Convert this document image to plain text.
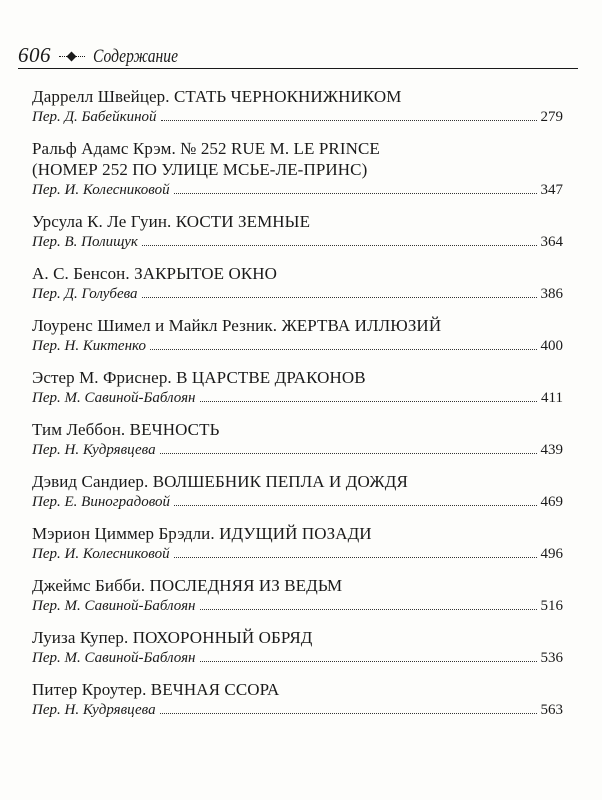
606 Содержание
Даррелл Швейцер. СТАТЬ ЧЕРНОКНИЖНИКОМ
Пер. Д. Бабейкиной	279
Ральф Адамс Крэм. № 252 RUE M. LE PRINCE
(НОМЕР 252 ПО УЛИЦЕ МСЬЕ-ЛЕ-ПРИНС)
Пер. И. Колесниковой	347
Урсула К. Ле Гуин. КОСТИ ЗЕМНЫЕ
Пер. В. Полищук	364
А. С. Бенсон. ЗАКРЫТОЕ ОКНО
Пер. Д. Голубева	386
Лоуренс Шимел и Майкл Резник. ЖЕРТВА ИЛЛЮЗИЙ
Пер. Н. Киктенко	400
Эстер М. Фриснер. В ЦАРСТВЕ ДРАКОНОВ
Пер. М. Савиной-Баблоян	411
Тим Леббон. ВЕЧНОСТЬ
Пер. Н. Кудрявцева	439
Дэвид Сандиер. ВОЛШЕБНИК ПЕПЛА И ДОЖДЯ
Пер. Е. Виноградовой	469
Мэрион Циммер Брэдли. ИДУЩИЙ ПОЗАДИ
Пер. И. Колесниковой	496
Джеймс Бибби. ПОСЛЕДНЯЯ ИЗ ВЕДЬМ
Пер. М. Савиной-Баблоян	516
Луиза Купер. ПОХОРОННЫЙ ОБРЯД
Пер. М. Савиной-Баблоян	536
Питер Кроутер. ВЕЧНАЯ ССОРА
Пер. Н. Кудрявцева	563
